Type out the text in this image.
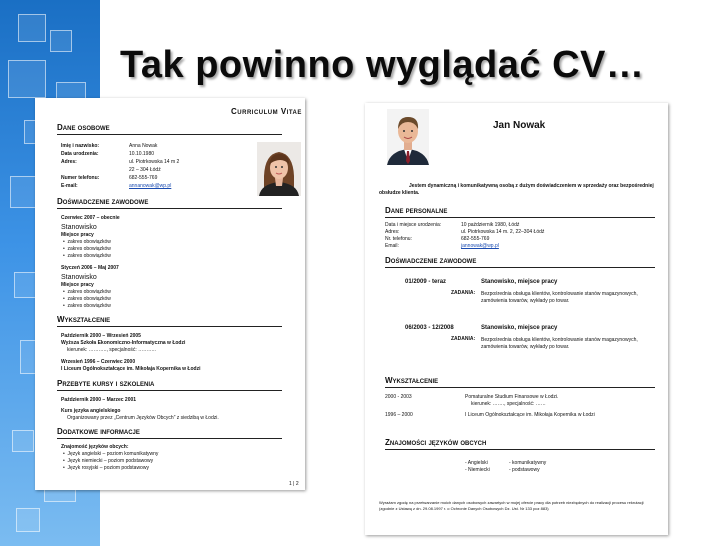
Tak powinno wyglądać CV…
Curriculum Vitae
Dane osobowe
Imię i nazwisko:	Anna Nowak
Data urodzenia:	10.10.1980
Adres:	ul. Piotrkowska 14 m 2
22 – 304 Łódź
Numer telefonu:	682-555-769
E-mail:	annanowak@wp.pl
Doświadczenie zawodowe
Czerwiec 2007 – obecnie
Stanowisko
Miejsce pracy
•  zakres obowiązków
•  zakres obowiązków
•  zakres obowiązków
Styczeń 2006 – Maj 2007
Stanowisko
Miejsce pracy
•  zakres obowiązków
•  zakres obowiązków
•  zakres obowiązków
Wykształcenie
Październik 2000 – Wrzesień 2005
Wyższa Szkoła Ekonomiczno-Informatyczna w Łodzi
kierunek: ……….., specjalność: ………..
Wrzesień 1996 – Czerwiec 2000
I Liceum Ogólnokształcące im. Mikołaja Kopernika w Łodzi
Przebyte kursy i szkolenia
Październik 2000 – Marzec 2001
Kurs języka angielskiego
Organizowany przez „Centrum Języków Obcych” z siedzibą w Łodzi.
Dodatkowe informacje
Znajomość języków obcych:
•  Język angielski – poziom komunikatywny
•  Język niemiecki – poziom podstawowy
•  Język rosyjski – poziom podstawowy
1 | 2
Jan Nowak
Jestem dynamiczną i komunikatywną osobą z dużym doświadczeniem w sprzedaży oraz bezpośredniej obsłudze klienta.
Dane personalne
Data i miejsce urodzenia:	10 październik 1980, Łódź
Adres:	ul. Piotrkowska 14 m. 2, 22–304 Łódź
Nr. telefonu:	682-555-769
Email:	jannowak@wp.pl
Doświadczenie zawodowe
01/2009 - teraz	Stanowisko, miejsce pracy
ZADANIA: Bezpośrednia obsługa klientów, kontrolowanie stanów magazynowych, zamówienia towarów, wykłady po towar.
06/2003 - 12/2008	Stanowisko, miejsce pracy
ZADANIA: Bezpośrednia obsługa klientów, kontrolowanie stanów magazynowych, zamówienia towarów, wykłady po towar.
Wykształcenie
2000 - 2003	Pomaturalne Studium Finansowe w Łodzi.
kierunek: ……., specjalność: ……
1996 – 2000	I Liceum Ogólnokształcące im. Mikołaja Kopernika w Łodzi
Znajomości języków obcych
- Angielski	- komunikatywny
- Niemiecki	- podstawowy
Wyrażam zgodę na przetwarzanie moich danych osobowych zawartych w mojej ofercie pracy dla potrzeb niezbędnych do realizacji procesu rekrutacji
(zgodnie z Ustawą z dn. 29.08.1997 r. o Ochronie Danych Osobowych Dz. Ust. Nr 133 poz 883)
